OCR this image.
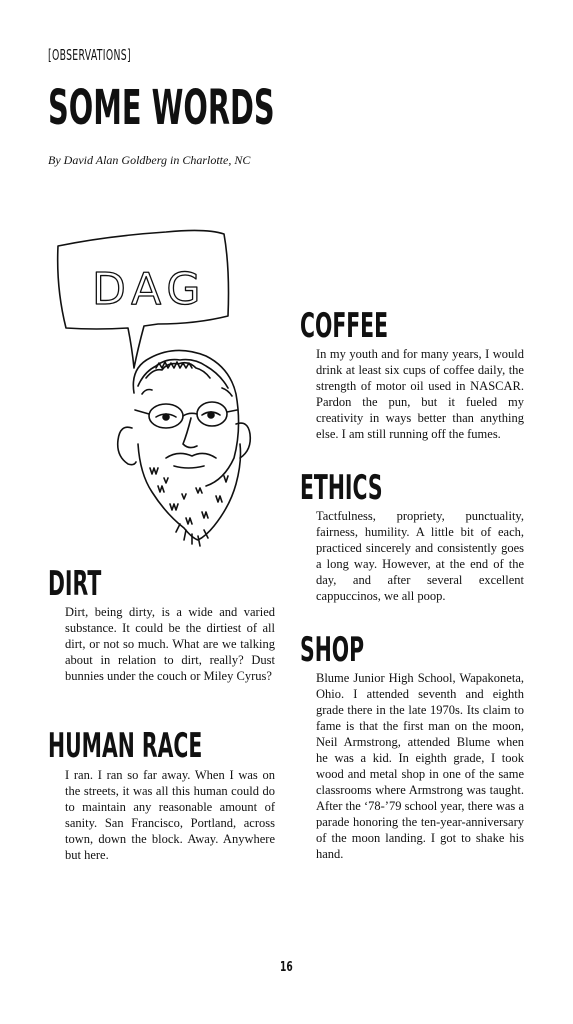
[OBSERVATIONS]
SOME WORDS
By David Alan Goldberg in Charlotte, NC
DAG
COFFEE
In my youth and for many years, I would drink at least six cups of coffee daily, the strength of motor oil used in NASCAR. Pardon the pun, but it fueled my creativity in ways better than anything else. I am still running off the fumes.
ETHICS
Tactfulness, propriety, punctuality, fairness, humility. A little bit of each, practiced sincerely and consistently goes a long way. However, at the end of the day, and after several excellent cappuccinos, we all poop.
DIRT
Dirt, being dirty, is a wide and varied substance. It could be the dirtiest of all dirt, or not so much. What are we talking about in relation to dirt, really? Dust bunnies under the couch or Miley Cyrus?
SHOP
Blume Junior High School, Wapakoneta, Ohio. I attended seventh and eighth grade there in the late 1970s. Its claim to fame is that the first man on the moon, Neil Armstrong, attended Blume when he was a kid. In eighth grade, I took wood and metal shop in one of the same classrooms where Armstrong was taught. After the ‘78-’79 school year, there was a parade honoring the ten-year-anniversary of the moon landing. I got to shake his hand.
HUMAN RACE
I ran. I ran so far away. When I was on the streets, it was all this human could do to maintain any reasonable amount of sanity. San Francisco, Portland, across town, down the block. Away. Anywhere but here.
16
